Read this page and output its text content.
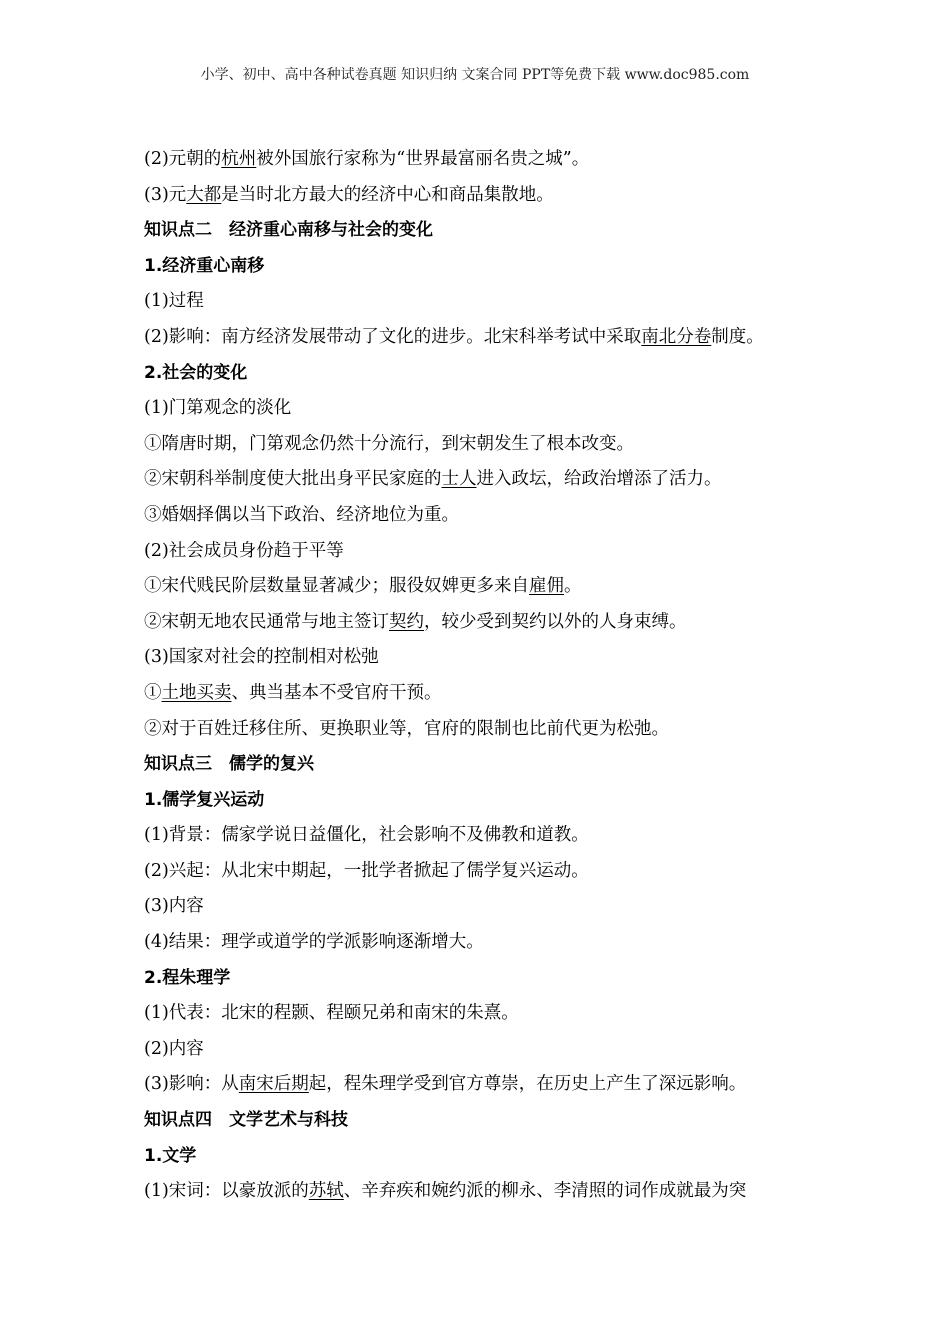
小学、初中、高中各种试卷真题 知识归纳 文案合同 PPT等免费下载 www.doc985.com
(2)元朝的杭州被外国旅行家称为“世界最富丽名贵之城”。
(3)元大都是当时北方最大的经济中心和商品集散地。
知识点二　经济重心南移与社会的变化
1.经济重心南移
(1)过程
(2)影响：南方经济发展带动了文化的进步。北宋科举考试中采取南北分卷制度。
2.社会的变化
(1)门第观念的淡化
①隋唐时期，门第观念仍然十分流行，到宋朝发生了根本改变。
②宋朝科举制度使大批出身平民家庭的士人进入政坛，给政治增添了活力。
③婚姻择偶以当下政治、经济地位为重。
(2)社会成员身份趋于平等
①宋代贱民阶层数量显著减少；服役奴婢更多来自雇佣。
②宋朝无地农民通常与地主签订契约，较少受到契约以外的人身束缚。
(3)国家对社会的控制相对松弛
①土地买卖、典当基本不受官府干预。
②对于百姓迁移住所、更换职业等，官府的限制也比前代更为松弛。
知识点三　儒学的复兴
1.儒学复兴运动
(1)背景：儒家学说日益僵化，社会影响不及佛教和道教。
(2)兴起：从北宋中期起，一批学者掀起了儒学复兴运动。
(3)内容
(4)结果：理学或道学的学派影响逐渐增大。
2.程朱理学
(1)代表：北宋的程颢、程颐兄弟和南宋的朱熹。
(2)内容
(3)影响：从南宋后期起，程朱理学受到官方尊崇，在历史上产生了深远影响。
知识点四　文学艺术与科技
1.文学
(1)宋词：以豪放派的苏轼、辛弃疾和婉约派的柳永、李清照的词作成就最为突
